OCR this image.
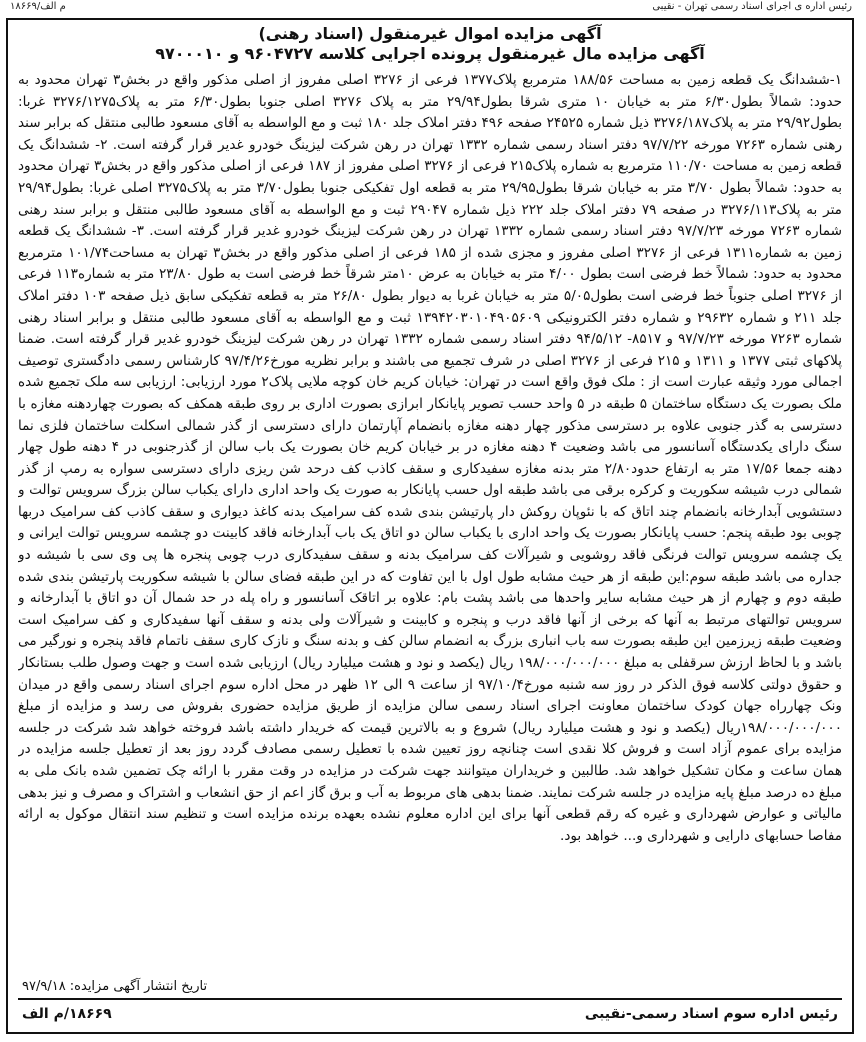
رئیس اداره ی اجرای اسناد رسمی تهران - نقیبی
۱۸۶۶۹/م الف
آگهی مزایده اموال غیرمنقول (اسناد رهنی)
آگهی مزایده مال غیرمنقول پرونده اجرایی کلاسه ۹۶۰۴۷۲۷ و ۹۷۰۰۰۱۰

۱-ششدانگ یک قطعه زمین به مساحت ۱۸۸/۵۶ مترمربع پلاک۱۳۷۷ فرعی از ۳۲۷۶ اصلی مفروز از اصلی مذکور واقع در بخش۳ تهران محدود به حدود: شمالاً بطول۶/۳۰ متر به خیابان ۱۰ متری شرقا بطول۲۹/۹۴ متر به پلاک ۳۲۷۶ اصلی جنوبا بطول۶/۳۰ متر به پلاک۳۲۷۶/۱۲۷۵ غربا: بطول۲۹/۹۲ متر به پلاک۳۲۷۶/۱۸۷ ذیل شماره ۲۴۵۲۵ صفحه ۴۹۶ دفتر املاک جلد ۱۸۰ ثبت و مع الواسطه به آقای مسعود طالبی منتقل که برابر سند رهنی شماره ۷۲۶۳ مورخه ۹۷/۷/۲۲ دفتر اسناد رسمی شماره ۱۳۳۲ تهران در رهن شرکت لیزینگ خودرو غدیر قرار گرفته است. ۲- ششدانگ یک قطعه زمین به مساحت ۱۱۰/۷۰ مترمربع به شماره پلاک۲۱۵ فرعی از ۳۲۷۶ اصلی مفروز از ۱۸۷ فرعی از اصلی مذکور واقع در بخش۳ تهران محدود به حدود: شمالاً بطول ۳/۷۰ متر به خیابان شرقا بطول۲۹/۹۵ متر به قطعه اول تفکیکی جنوبا بطول۳/۷۰ متر به پلاک۳۲۷۵ اصلی غربا: بطول۲۹/۹۴ متر به پلاک۳۲۷۶/۱۱۳ در صفحه ۷۹ دفتر املاک جلد ۲۲۲ ذیل شماره ۲۹۰۴۷ ثبت و مع الواسطه به آقای مسعود طالبی منتقل و برابر سند رهنی شماره ۷۲۶۳ مورخه ۹۷/۷/۲۳ دفتر اسناد رسمی شماره ۱۳۳۲ تهران در رهن شرکت لیزینگ خودرو غدیر قرار گرفته است. ۳- ششدانگ یک قطعه زمین به شماره۱۳۱۱ فرعی از ۳۲۷۶ اصلی مفروز و مجزی شده از ۱۸۵ فرعی از اصلی مذکور واقع در بخش۳ تهران به مساحت۱۰۱/۷۴ مترمربع محدود به حدود: شمالاً خط فرضی است بطول ۴/۰۰ متر به خیابان به عرض ۱۰متر شرقاً خط فرضی است به طول ۲۳/۸۰ متر به شماره۱۱۳ فرعی از ۳۲۷۶ اصلی جنوباً خط فرضی است بطول۵/۰۵ متر به خیابان غربا به دیوار بطول ۲۶/۸۰ متر به قطعه تفکیکی سابق ذیل صفحه ۱۰۳ دفتر املاک جلد ۲۱۱ و شماره ۲۹۶۳۲ و شماره دفتر الکترونیکی ۱۳۹۴۲۰۳۰۱۰۴۹۰۵۶۰۹ ثبت و مع الواسطه به آقای مسعود طالبی منتقل و برابر اسناد رهنی شماره ۷۲۶۳ مورخه ۹۷/۷/۲۳ و ۸۵۱۷- ۹۴/۵/۱۲ دفتر اسناد رسمی شماره ۱۳۳۲ تهران در رهن شرکت لیزینگ خودرو غدیر قرار گرفته است. ضمنا پلاکهای ثبتی ۱۳۷۷ و ۱۳۱۱ و ۲۱۵ فرعی از ۳۲۷۶ اصلی در شرف تجمیع می باشند و برابر نظریه مورخ۹۷/۴/۲۶ کارشناس رسمی دادگستری توصیف اجمالی مورد وثیقه عبارت است از : ملک فوق واقع است در تهران: خیابان کریم خان کوچه ملایی پلاک۲ مورد ارزیابی: ارزیابی سه ملک تجمیع شده ملک بصورت یک دستگاه ساختمان ۵ طبقه در ۵ واحد حسب تصویر پایانکار ابرازی بصورت اداری بر روی طبقه همکف که بصورت چهاردهنه مغازه با دسترسی به گذر جنوبی علاوه بر دسترسی مذکور چهار دهنه مغازه بانضمام آپارتمان دارای دسترسی از گذر شمالی اسکلت ساختمان فلزی نما سنگ دارای یکدستگاه آسانسور می باشد وضعیت ۴ دهنه مغازه در بر خیابان کریم خان بصورت یک باب سالن از گذرجنوبی در ۴ دهنه طول چهار دهنه جمعا ۱۷/۵۶ متر به ارتفاع حدود۲/۸۰ متر بدنه مغازه سفیدکاری و سقف کاذب کف درحد شن ریزی دارای دسترسی سواره به رمپ از گذر شمالی درب شیشه سکوریت و کرکره برقی می باشد طبقه اول حسب پایانکار به صورت یک واحد اداری دارای یکباب سالن بزرگ سرویس توالت و دستشویی آبدارخانه بانضمام چند اتاق که با نئوپان روکش دار پارتیشن بندی شده کف سرامیک بدنه کاغذ دیواری و سقف کاذب کف سرامیک دربها چوبی بود طبقه پنجم: حسب پایانکار بصورت یک واحد اداری با یکباب سالن دو اتاق یک باب آبدارخانه فاقد کابینت دو چشمه سرویس توالت ایرانی و یک چشمه سرویس توالت فرنگی فاقد روشویی و شیرآلات کف سرامیک بدنه و سقف سفیدکاری درب چوبی پنجره ها پی وی سی با شیشه دو جداره می باشد طبقه سوم:این طبقه از هر حیث مشابه طول اول با این تفاوت که در این طبقه فضای سالن با شیشه سکوریت پارتیشن بندی شده طبقه دوم و چهارم از هر حیث مشابه سایر واحدها می باشد پشت بام: علاوه بر اتاقک آسانسور و راه پله در حد شمال آن دو اتاق با آبدارخانه و سرویس توالتهای مرتبط به آنها که برخی از آنها فاقد درب و پنجره و کابینت و شیرآلات ولی بدنه و سقف آنها سفیدکاری و کف سرامیک است وضعیت طبقه زیرزمین این طبقه بصورت سه باب انباری بزرگ به انضمام سالن کف و بدنه سنگ و نازک کاری سقف ناتمام فاقد پنجره و نورگیر می باشد و با لحاظ ارزش سرقفلی به مبلغ ۱۹۸/۰۰۰/۰۰۰/۰۰۰ ریال (یکصد و نود و هشت میلیارد ریال) ارزیابی شده است و جهت وصول طلب بستانکار و حقوق دولتی کلاسه فوق الذکر در روز سه شنبه مورخ۹۷/۱۰/۴ از ساعت ۹ الی ۱۲ ظهر در محل اداره سوم اجرای اسناد رسمی واقع در میدان ونک چهارراه جهان کودک ساختمان معاونت اجرای اسناد رسمی سالن مزایده از طریق مزایده حضوری بفروش می رسد و مزایده از مبلغ ۱۹۸/۰۰۰/۰۰۰/۰۰۰ریال (یکصد و نود و هشت میلیارد ریال) شروع و به بالاترین قیمت که خریدار داشته باشد فروخته خواهد شد شرکت در جلسه مزایده برای عموم آزاد است و فروش کلا نقدی است چنانچه روز تعیین شده با تعطیل رسمی مصادف گردد روز بعد از تعطیل جلسه مزایده در همان ساعت و مکان تشکیل خواهد شد. طالبین و خریداران میتوانند جهت شرکت در مزایده در وقت مقرر با ارائه چک تضمین شده بانک ملی به مبلغ ده درصد مبلغ پایه مزایده در جلسه شرکت نمایند. ضمنا بدهی های مربوط به آب و برق گاز اعم از حق انشعاب و اشتراک و مصرف و نیز بدهی مالیاتی و عوارض شهرداری و غیره که رقم قطعی آنها برای این اداره معلوم نشده بعهده برنده مزایده است و تنظیم سند انتقال موکول به ارائه مفاصا حسابهای دارایی و شهرداری و... خواهد بود.

تاریخ انتشار آگهی مزایده: ۹۷/۹/۱۸
رئیس اداره سوم اسناد رسمی-نقیبی
۱۸۶۶۹/م الف
